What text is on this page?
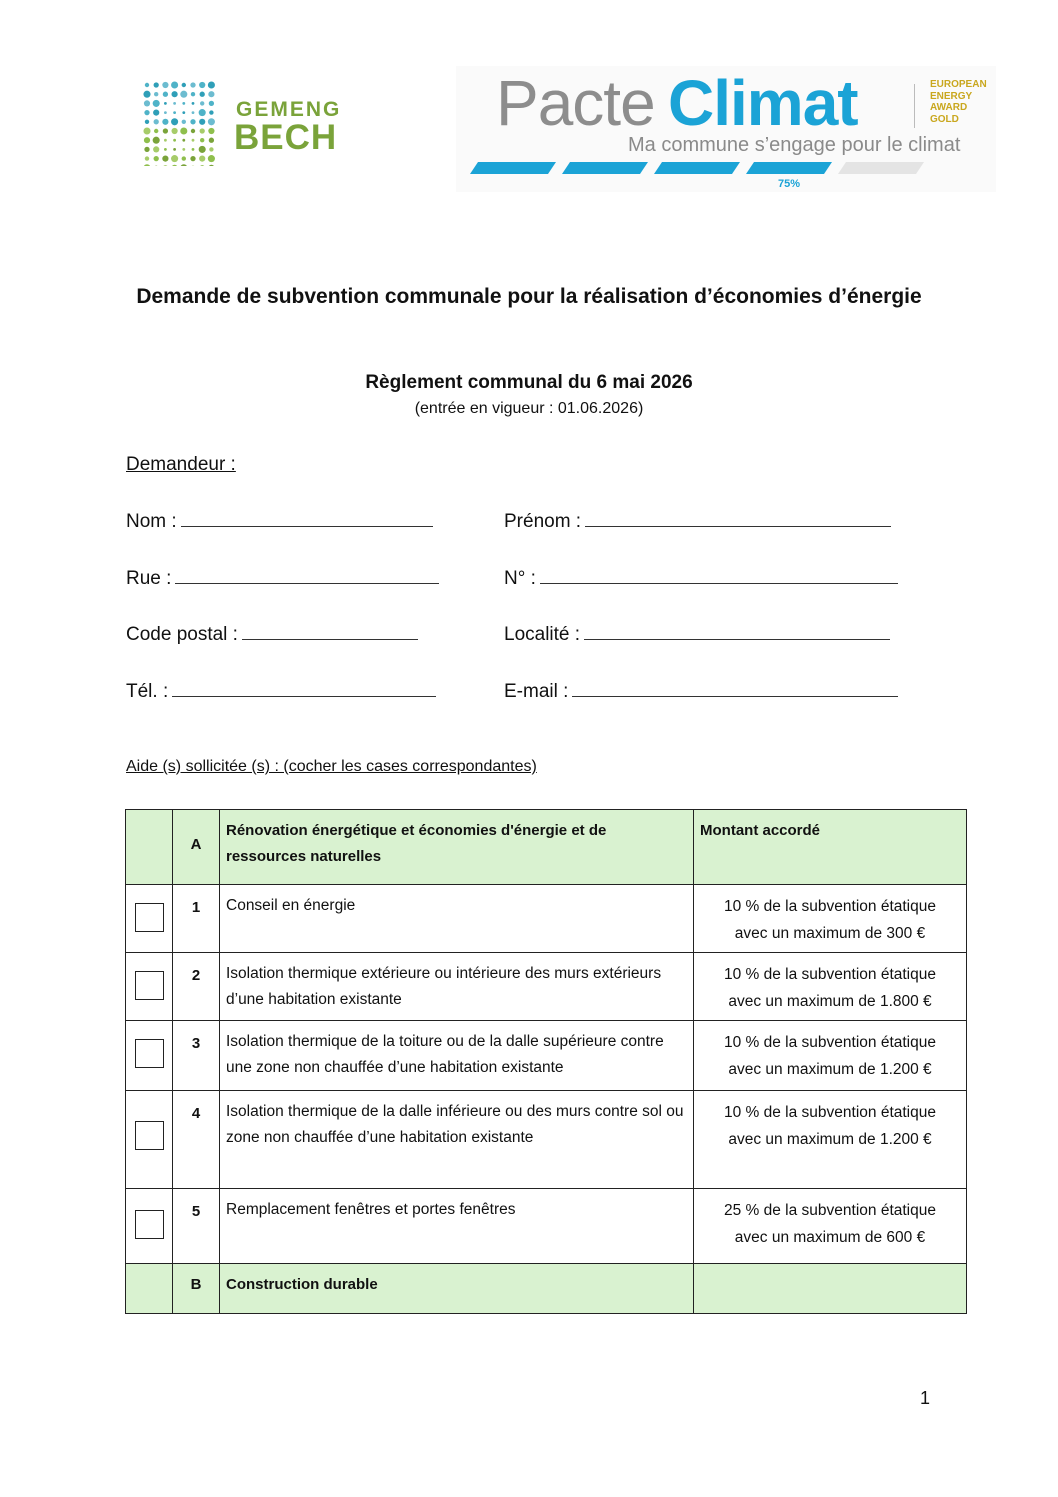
GEMENG
BECH Pacte Climat	EUROPEAN ENERGY AWARD GOLD
Ma commune s’engage pour le climat
75%
Demande de subvention communale pour la réalisation d’économies d’énergie
Règlement communal du 6 mai 2026
(entrée en vigueur : 01.06.2026)
Demandeur :
Nom :	Prénom :
Rue :	N° :
Code postal :	Localité :
Tél. :	E-mail :
Aide (s) sollicitée (s) : (cocher les cases correspondantes)
	A	Rénovation énergétique et économies d'énergie et de ressources naturelles	Montant accordé

	1	Conseil en énergie	10 % de la subvention étatique
avec un maximum de 300 €

	2	Isolation thermique extérieure ou intérieure des murs extérieurs d’une habitation existante	10 % de la subvention étatique
avec un maximum de 1.800 €

	3	Isolation thermique de la toiture ou de la dalle supérieure contre une zone non chauffée d’une habitation existante	10 % de la subvention étatique
avec un maximum de 1.200 €

	4	Isolation thermique de la dalle inférieure ou des murs contre sol ou zone non chauffée d’une habitation existante	10 % de la subvention étatique
avec un maximum de 1.200 €

	5	Remplacement fenêtres et portes fenêtres	25 % de la subvention étatique
avec un maximum de 600 €

	B	Construction durable	
1
